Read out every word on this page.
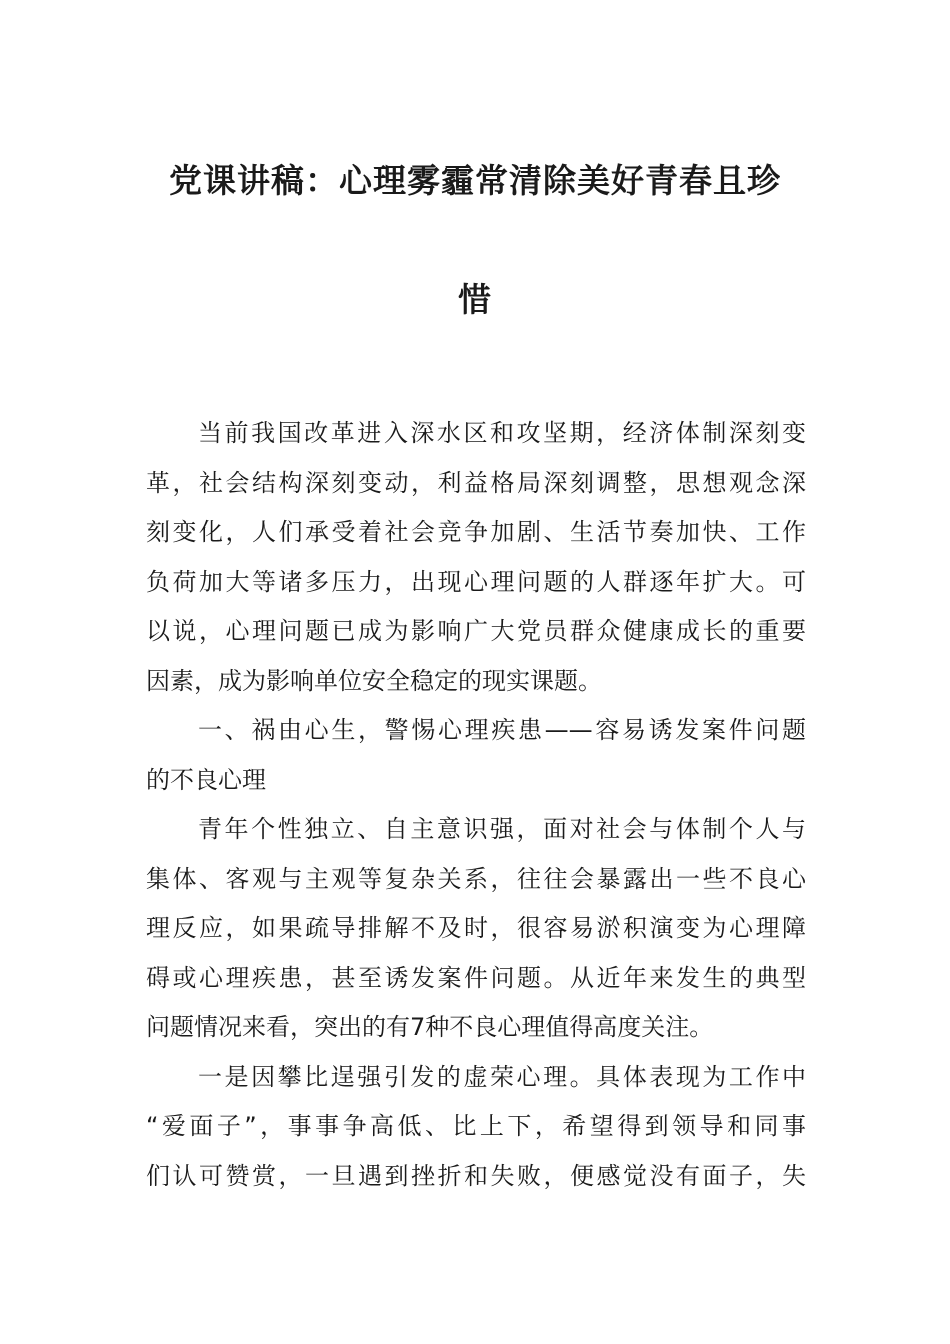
党课讲稿：心理雾霾常清除美好青春且珍
惜
当前我国改革进入深水区和攻坚期，经济体制深刻变
革，社会结构深刻变动，利益格局深刻调整，思想观念深
刻变化，人们承受着社会竞争加剧、生活节奏加快、工作
负荷加大等诸多压力，出现心理问题的人群逐年扩大。可
以说，心理问题已成为影响广大党员群众健康成长的重要
因素，成为影响单位安全稳定的现实课题。
一、祸由心生，警惕心理疾患——容易诱发案件问题
的不良心理
青年个性独立、自主意识强，面对社会与体制个人与
集体、客观与主观等复杂关系，往往会暴露出一些不良心
理反应，如果疏导排解不及时，很容易淤积演变为心理障
碍或心理疾患，甚至诱发案件问题。从近年来发生的典型
问题情况来看，突出的有7种不良心理值得高度关注。
一是因攀比逞强引发的虚荣心理。具体表现为工作中
“爱面子”，事事争高低、比上下，希望得到领导和同事
们认可赞赏，一旦遇到挫折和失败，便感觉没有面子，失
